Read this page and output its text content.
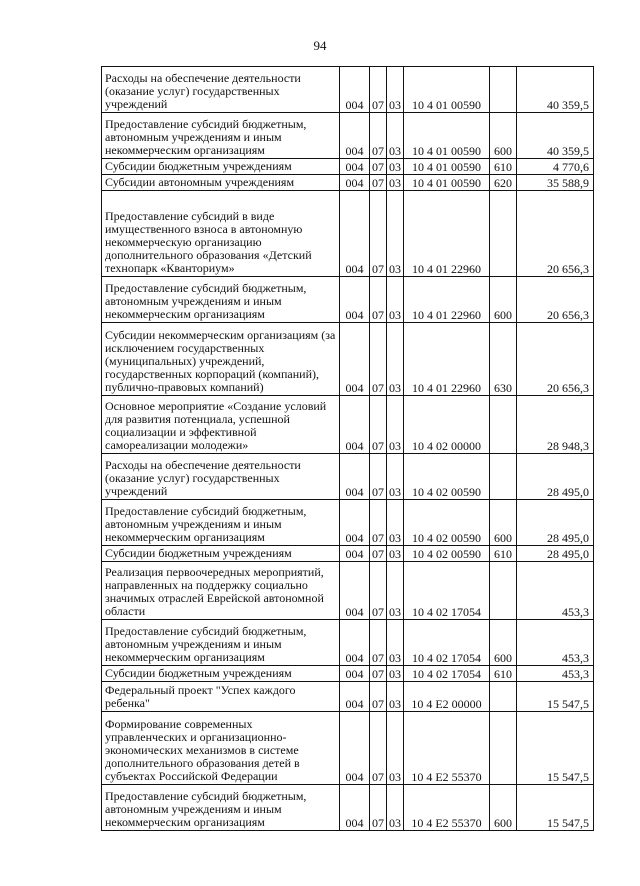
94
Расходы на обеспечение деятельности (оказание услуг) государственных учреждений	004	07	03	10 4 01 00590		40 359,5
Предоставление субсидий бюджетным, автономным учреждениям и иным некоммерческим организациям	004	07	03	10 4 01 00590	600	40 359,5
Субсидии бюджетным учреждениям	004	07	03	10 4 01 00590	610	4 770,6
Субсидии автономным учреждениям	004	07	03	10 4 01 00590	620	35 588,9
Предоставление субсидий в виде имущественного взноса в автономную некоммерческую организацию дополнительного образования «Детский технопарк «Кванториум»	004	07	03	10 4 01 22960		20 656,3
Предоставление субсидий бюджетным, автономным учреждениям и иным некоммерческим организациям	004	07	03	10 4 01 22960	600	20 656,3
Субсидии некоммерческим организациям (за исключением государственных (муниципальных) учреждений, государственных корпораций (компаний), публично-правовых компаний)	004	07	03	10 4 01 22960	630	20 656,3
Основное мероприятие «Создание условий для развития потенциала, успешной социализации и эффективной самореализации молодежи»	004	07	03	10 4 02 00000		28 948,3
Расходы на обеспечение деятельности (оказание услуг) государственных учреждений	004	07	03	10 4 02 00590		28 495,0
Предоставление субсидий бюджетным, автономным учреждениям и иным некоммерческим организациям	004	07	03	10 4 02 00590	600	28 495,0
Субсидии бюджетным учреждениям	004	07	03	10 4 02 00590	610	28 495,0
Реализация первоочередных мероприятий, направленных на поддержку социально значимых отраслей Еврейской автономной области	004	07	03	10 4 02 17054		453,3
Предоставление субсидий бюджетным, автономным учреждениям и иным некоммерческим организациям	004	07	03	10 4 02 17054	600	453,3
Субсидии бюджетным учреждениям	004	07	03	10 4 02 17054	610	453,3
Федеральный проект "Успех каждого ребенка"	004	07	03	10 4 E2 00000		15 547,5
Формирование современных управленческих и организационно-экономических механизмов в системе дополнительного образования детей в субъектах Российской Федерации	004	07	03	10 4 E2 55370		15 547,5
Предоставление субсидий бюджетным, автономным учреждениям и иным некоммерческим организациям	004	07	03	10 4 E2 55370	600	15 547,5
